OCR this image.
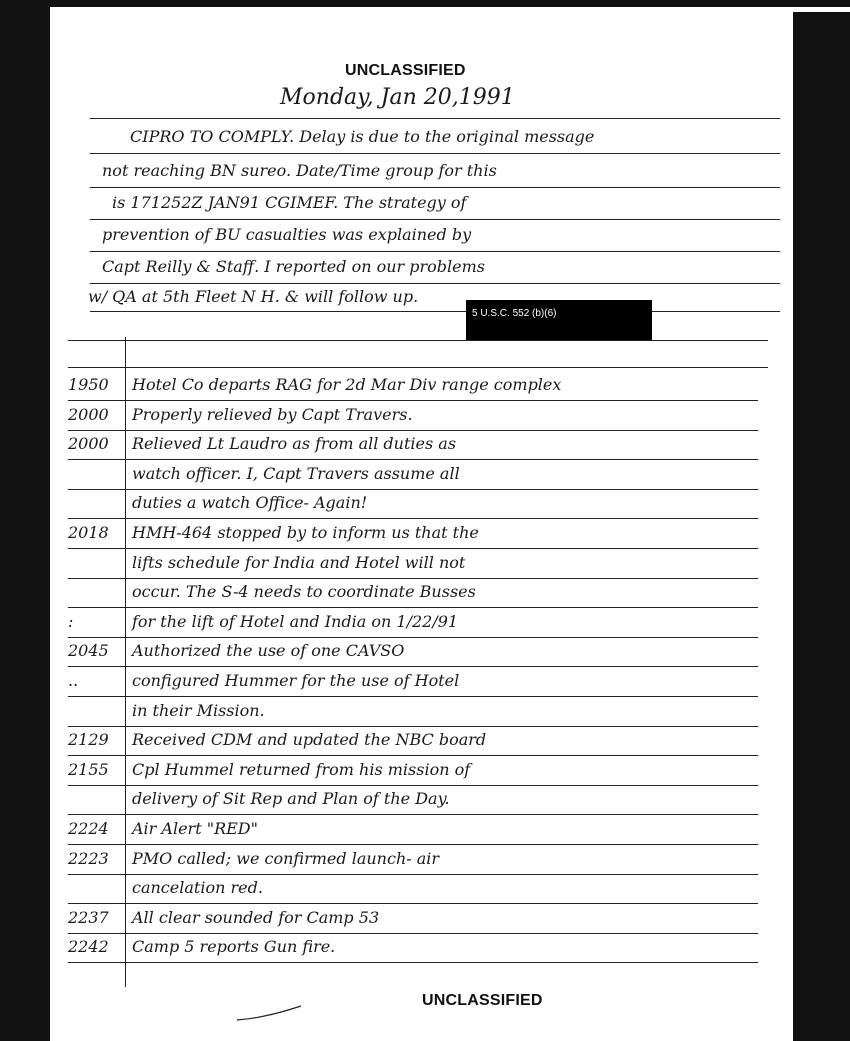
UNCLASSIFIED
Monday, Jan 20,1991
CIPRO TO COMPLY. Delay is due to the original message
not reaching BN sureo. Date/Time group for this
is 171252Z JAN91 CGIMEF. The strategy of
prevention of BU casualties was explained by
Capt Reilly & Staff. I reported on our problems
w/ QA at 5th Fleet N H. & will follow up.
5 U.S.C. 552 (b)(6)
1950	Hotel Co departs RAG for 2d Mar Div range complex
2000	Properly relieved by Capt Travers.
2000	Relieved Lt Laudro as from all duties as
watch officer. I, Capt Travers assume all
duties a watch Office- Again!
2018	HMH-464 stopped by to inform us that the
lifts schedule for India and Hotel will not
occur. The S-4 needs to coordinate Busses
:	for the lift of Hotel and India on 1/22/91
2045	Authorized the use of one CAVSO
..	configured Hummer for the use of Hotel
in their Mission.
2129	Received CDM and updated the NBC board
2155	Cpl Hummel returned from his mission of
delivery of Sit Rep and Plan of the Day.
2224	Air Alert "RED"
2223	PMO called; we confirmed launch- air
cancelation red.
2237	All clear sounded for Camp 53
2242	Camp 5 reports Gun fire.
UNCLASSIFIED
